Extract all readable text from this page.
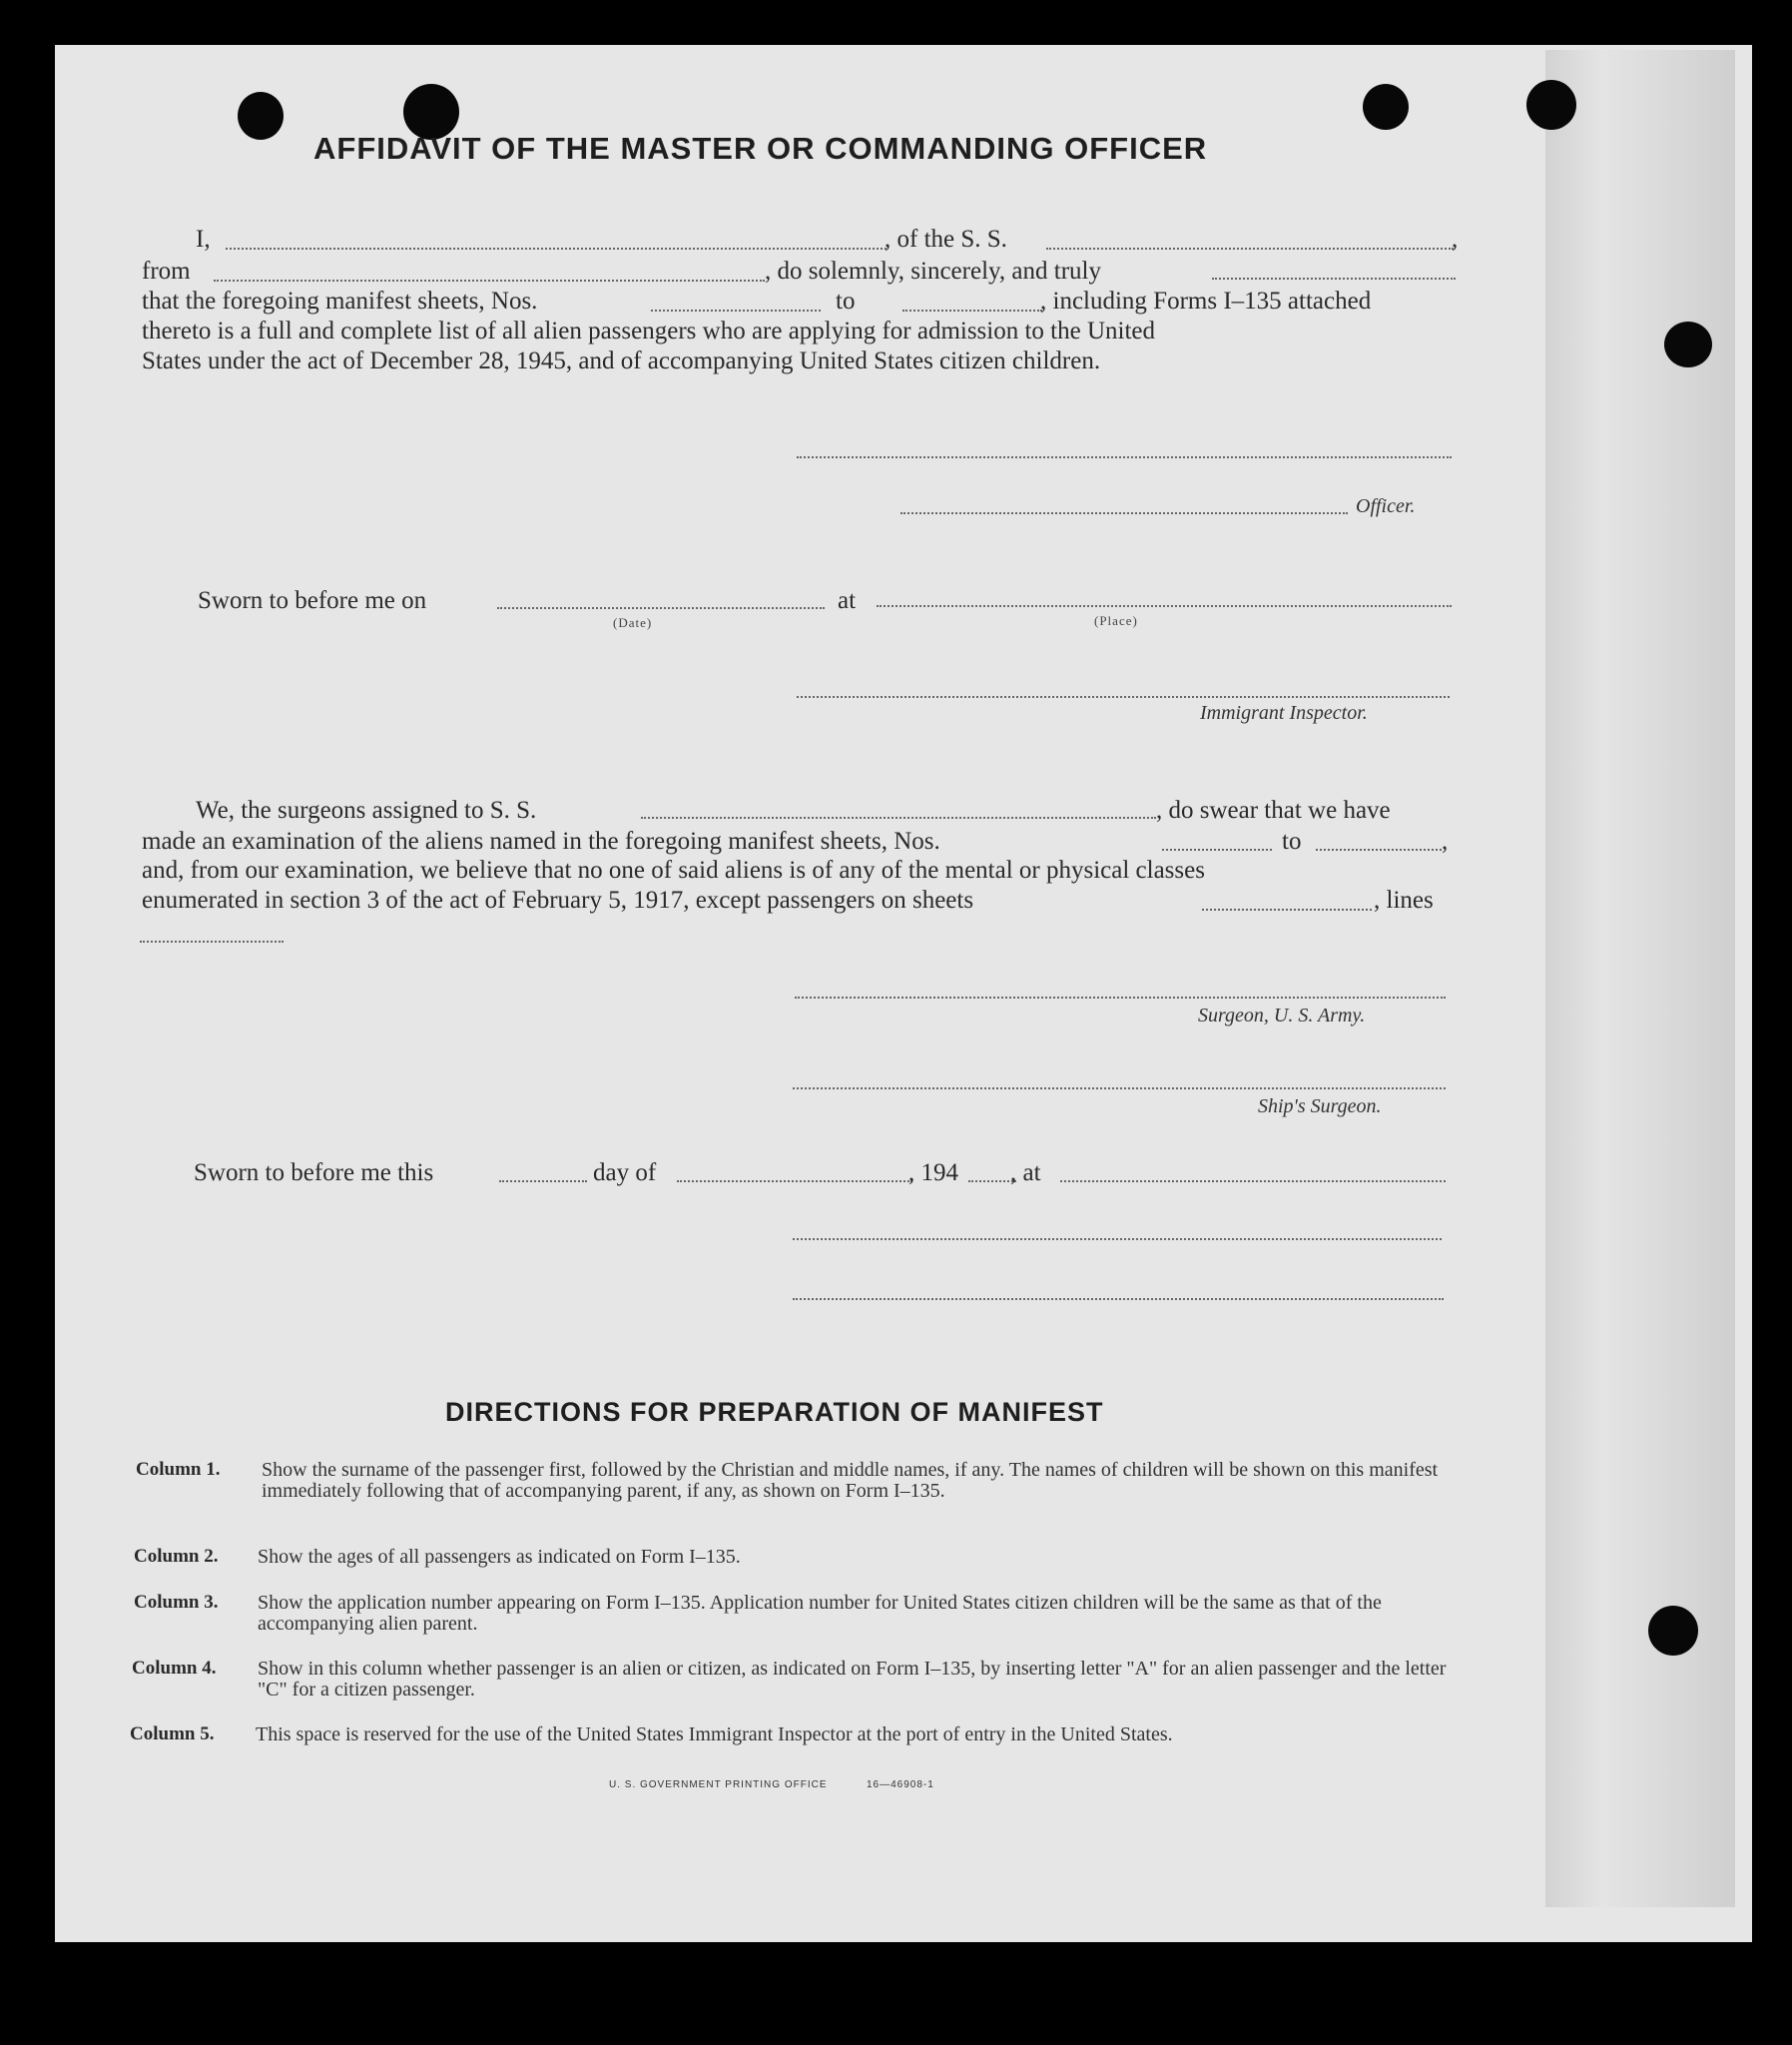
AFFIDAVIT OF THE MASTER OR COMMANDING OFFICER
I,	, of the S. S.	,
from	, do solemnly, sincerely, and truly
that the foregoing manifest sheets, Nos.	to	, including Forms I–135 attached
thereto is a full and complete list of all alien passengers who are applying for admission to the United
States under the act of December 28, 1945, and of accompanying United States citizen children.
Officer.
Sworn to before me on	at
(Date)	(Place)
Immigrant Inspector.
We, the surgeons assigned to S. S.	, do swear that we have
made an examination of the aliens named in the foregoing manifest sheets, Nos.	to	,
and, from our examination, we believe that no one of said aliens is of any of the mental or physical classes
enumerated in section 3 of the act of February 5, 1917, except passengers on sheets	, lines
Surgeon, U. S. Army.
Ship's Surgeon.
Sworn to before me this	day of	, 194 , at
DIRECTIONS FOR PREPARATION OF MANIFEST
Column 1.	Show the surname of the passenger first, followed by the Christian and middle names, if any. The names of children will be shown on this manifest immediately following that of accompanying parent, if any, as shown on Form I–135.
Column 2. Show the ages of all passengers as indicated on Form I–135.
Column 3. Show the application number appearing on Form I–135. Application number for United States citizen children will be the same as that of the accompanying alien parent.
Column 4. Show in this column whether passenger is an alien or citizen, as indicated on Form I–135, by inserting letter "A" for an alien passenger and the letter "C" for a citizen passenger.
Column 5. This space is reserved for the use of the United States Immigrant Inspector at the port of entry in the United States.
U. S. GOVERNMENT PRINTING OFFICE	16—46908-1
